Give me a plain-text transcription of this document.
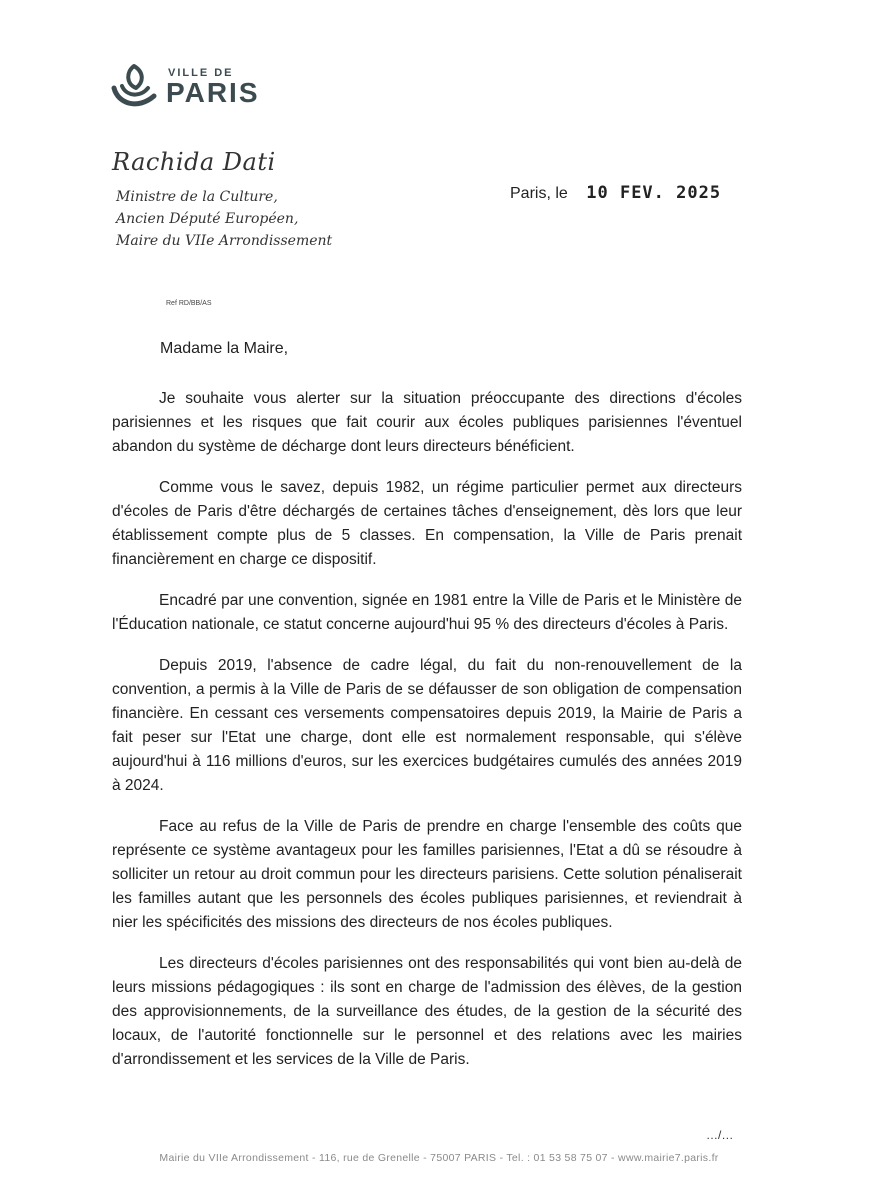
VILLE DE
PARIS
Rachida Dati
Ministre de la Culture,
Ancien Député Européen,
Maire du VIIe Arrondissement
Paris, le 10 FEV. 2025
Ref RD/BB/AS
Madame la Maire,

Je souhaite vous alerter sur la situation préoccupante des directions d'écoles parisiennes et les risques que fait courir aux écoles publiques parisiennes l'éventuel abandon du système de décharge dont leurs directeurs bénéficient.

Comme vous le savez, depuis 1982, un régime particulier permet aux directeurs d'écoles de Paris d'être déchargés de certaines tâches d'enseignement, dès lors que leur établissement compte plus de 5 classes. En compensation, la Ville de Paris prenait financièrement en charge ce dispositif.

Encadré par une convention, signée en 1981 entre la Ville de Paris et le Ministère de l'Éducation nationale, ce statut concerne aujourd'hui 95 % des directeurs d'écoles à Paris.

Depuis 2019, l'absence de cadre légal, du fait du non-renouvellement de la convention, a permis à la Ville de Paris de se défausser de son obligation de compensation financière. En cessant ces versements compensatoires depuis 2019, la Mairie de Paris a fait peser sur l'Etat une charge, dont elle est normalement responsable, qui s'élève aujourd'hui à 116 millions d'euros, sur les exercices budgétaires cumulés des années 2019 à 2024.

Face au refus de la Ville de Paris de prendre en charge l'ensemble des coûts que représente ce système avantageux pour les familles parisiennes, l'Etat a dû se résoudre à solliciter un retour au droit commun pour les directeurs parisiens. Cette solution pénaliserait les familles autant que les personnels des écoles publiques parisiennes, et reviendrait à nier les spécificités des missions des directeurs de nos écoles publiques.

Les directeurs d'écoles parisiennes ont des responsabilités qui vont bien au-delà de leurs missions pédagogiques : ils sont en charge de l'admission des élèves, de la gestion des approvisionnements, de la surveillance des études, de la gestion de la sécurité des locaux, de l'autorité fonctionnelle sur le personnel et des relations avec les mairies d'arrondissement et les services de la Ville de Paris.

…/…
Mairie du VIIe Arrondissement - 116, rue de Grenelle - 75007 PARIS - Tel. : 01 53 58 75 07 - www.mairie7.paris.fr
